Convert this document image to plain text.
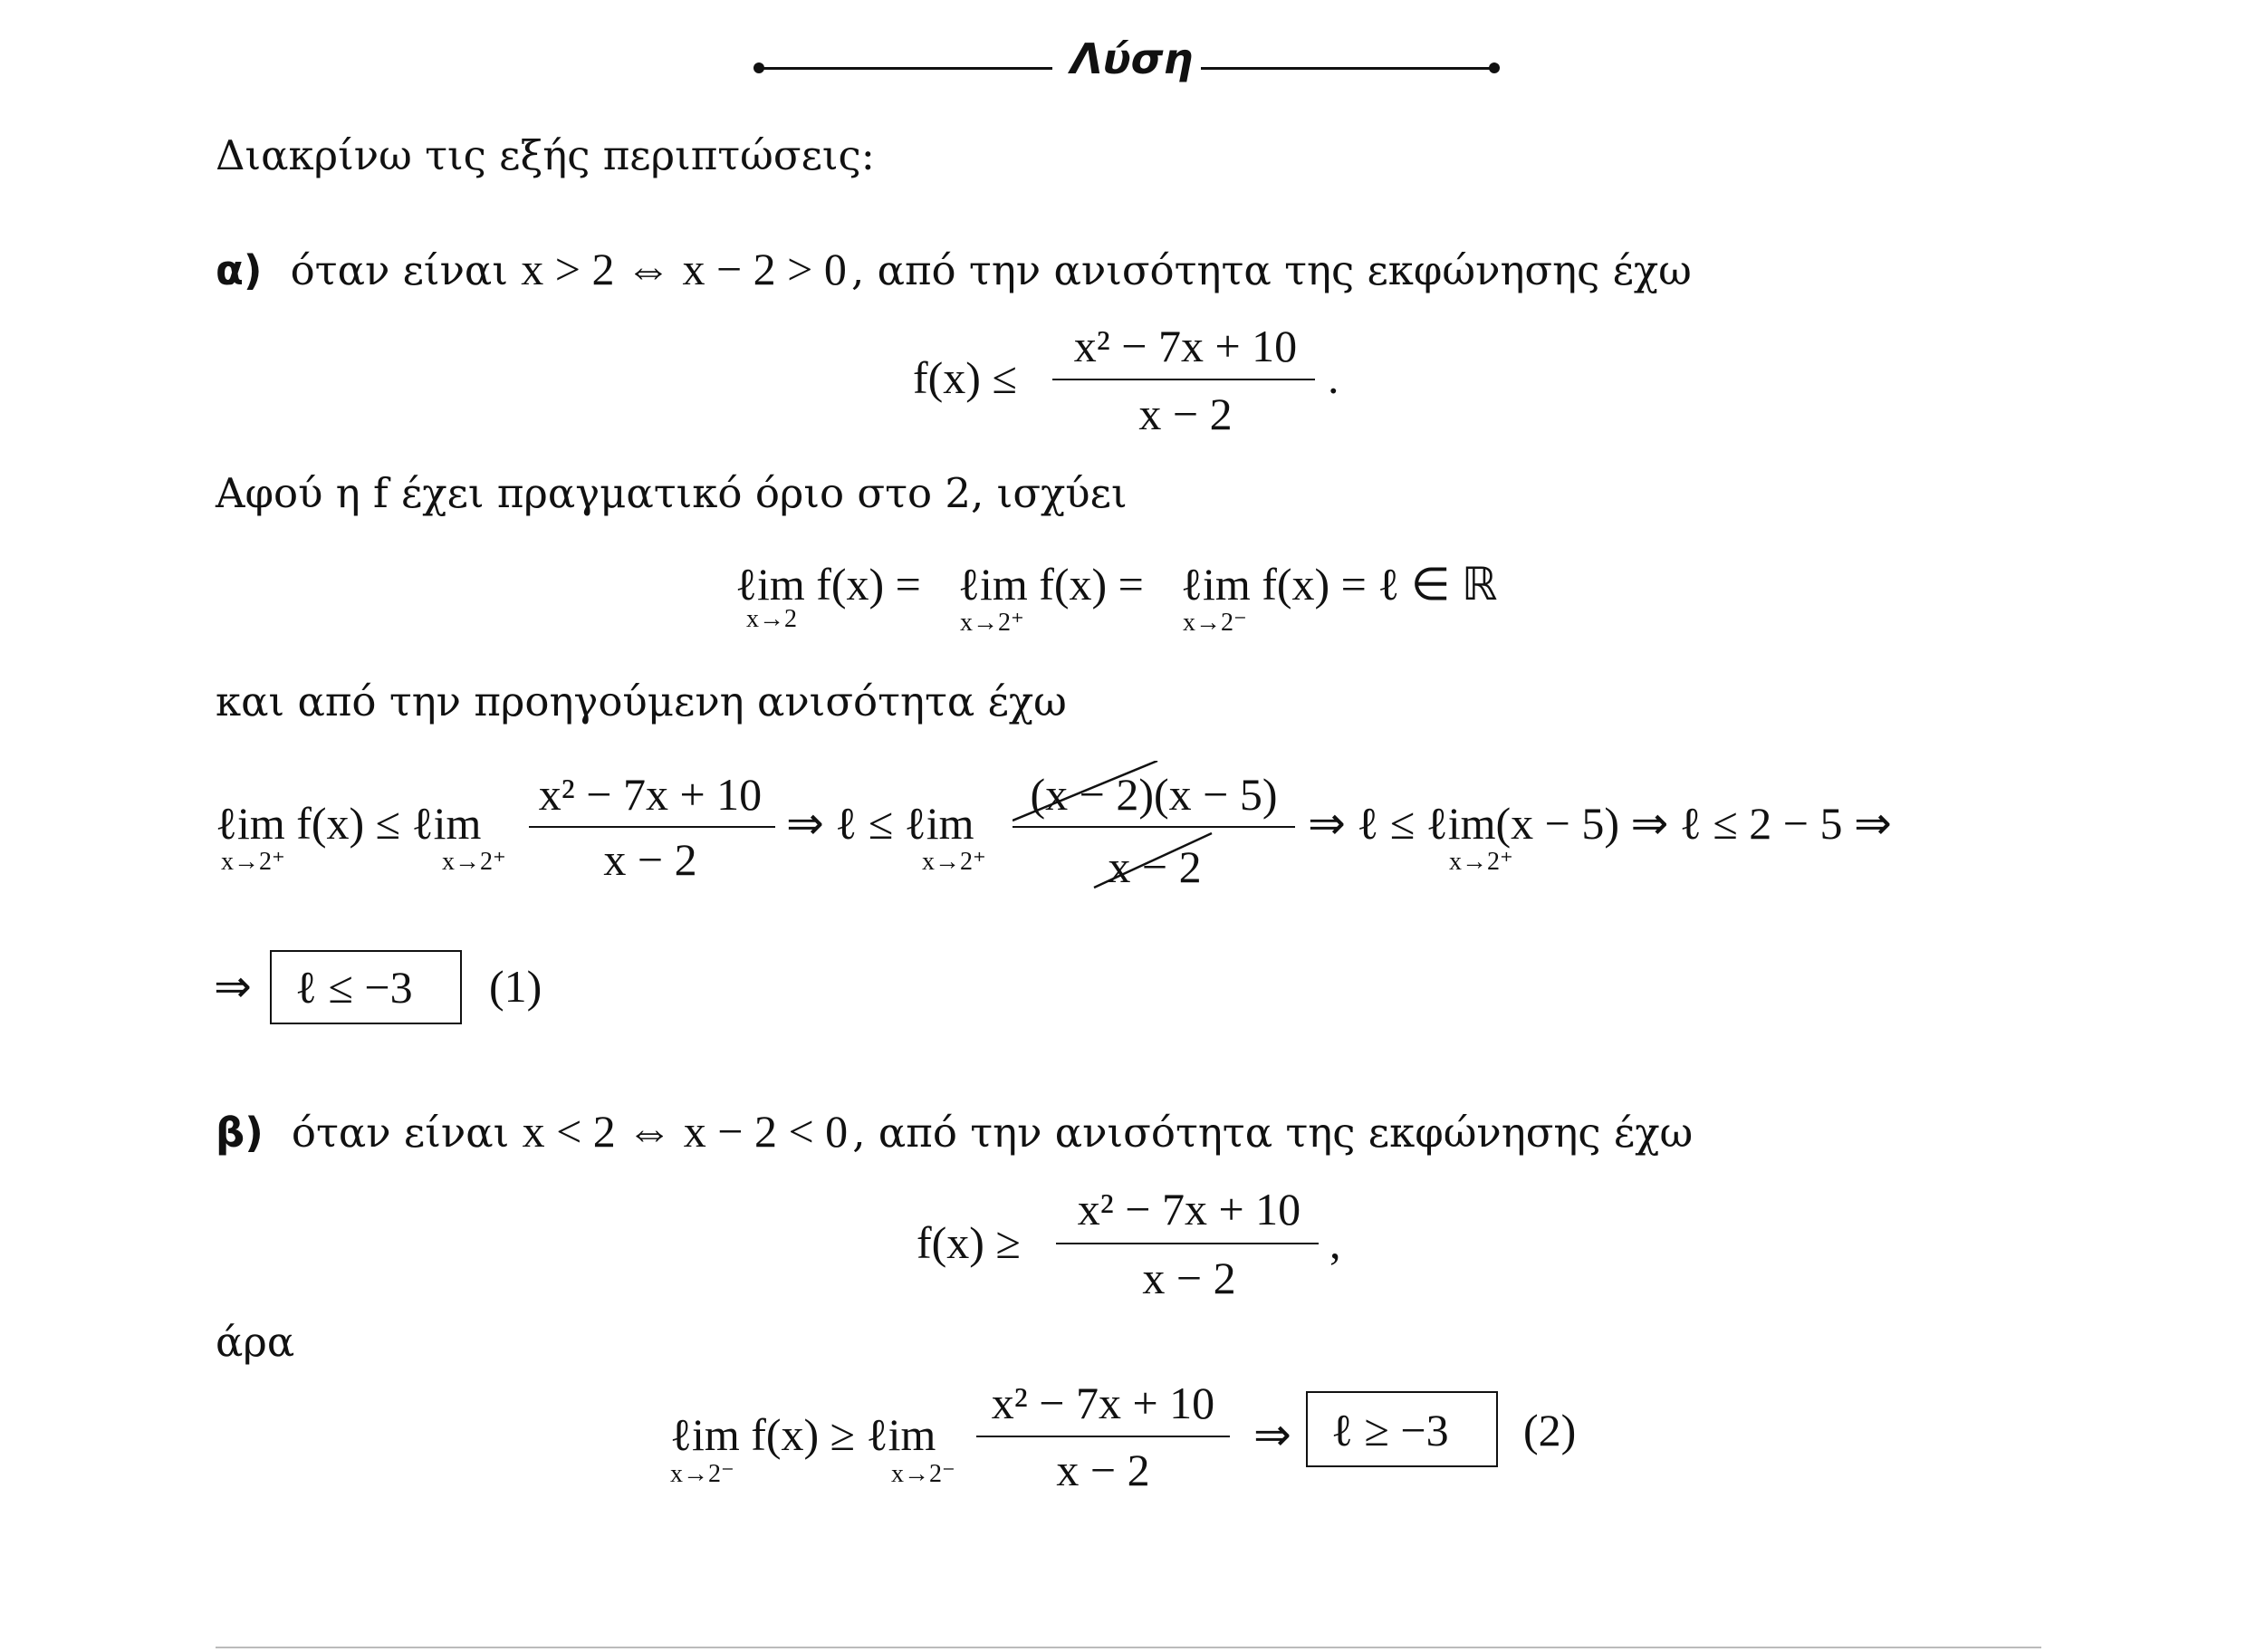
Λύση
Διακρίνω τις εξής περιπτώσεις:
α) όταν είναι x > 2 ⇔ x − 2 > 0 , από την ανισότητα της εκφώνησης έχω
f(x) ≤
x² − 7x + 10
x − 2
.
Αφού η f έχει πραγματικό όριο στο 2, ισχύει
ℓim f(x) =
x→2
ℓim f(x) =
x→2⁺
ℓim f(x) = ℓ ∈ ℝ
x→2⁻
και από την προηγούμενη ανισότητα έχω
ℓim f(x) ≤ ℓim
x→2⁺	x→2⁺
x² − 7x + 10
x − 2
⇒ ℓ ≤ ℓim
x→2⁺
(x − 2)(x − 5)
x − 2
⇒ ℓ ≤ ℓim(x − 5) ⇒ ℓ ≤ 2 − 5 ⇒
x→2⁺
⇒ ℓ ≤ −3 (1)
β) όταν είναι x < 2 ⇔ x − 2 < 0 , από την ανισότητα της εκφώνησης έχω
f(x) ≥
x² − 7x + 10
x − 2
,
άρα
ℓim f(x) ≥ ℓim
x→2⁻	x→2⁻
x² − 7x + 10
x − 2
⇒ ℓ ≥ −3 (2)
